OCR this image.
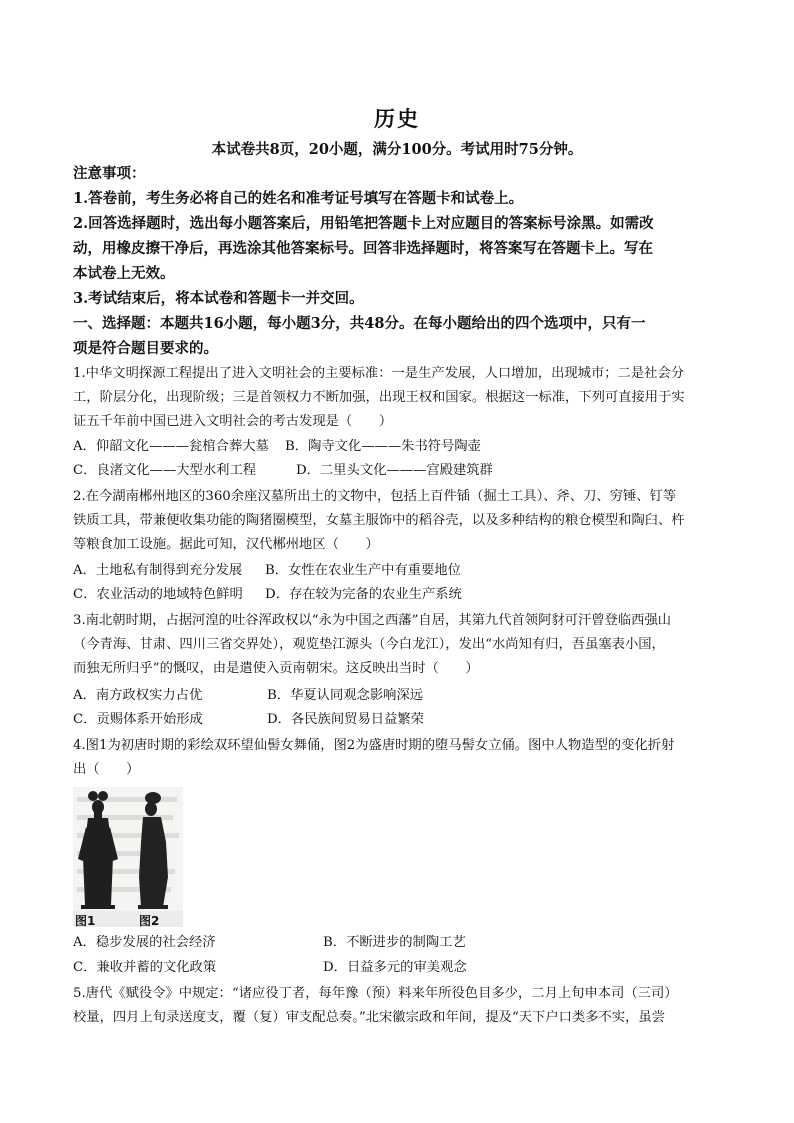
历史
本试卷共8页，20小题，满分100分。考试用时75分钟。
注意事项：
1.答卷前，考生务必将自己的姓名和准考证号填写在答题卡和试卷上。
2.回答选择题时，选出每小题答案后，用铅笔把答题卡上对应题目的答案标号涂黑。如需改
动，用橡皮擦干净后，再选涂其他答案标号。回答非选择题时，将答案写在答题卡上。写在
本试卷上无效。
3.考试结束后，将本试卷和答题卡一并交回。
一、选择题：本题共16小题，每小题3分，共48分。在每小题给出的四个选项中，只有一
项是符合题目要求的。
1.中华文明探源工程提出了进入文明社会的主要标准：一是生产发展，人口增加，出现城市；二是社会分
工，阶层分化，出现阶级；三是首领权力不断加强，出现王权和国家。根据这一标准，下列可直接用于实
证五千年前中国已进入文明社会的考古发现是（　　）
A．仰韶文化———瓮棺合葬大墓 B．陶寺文化———朱书符号陶壶
C．良渚文化——大型水利工程	D．二里头文化———宫殿建筑群
2.在今湖南郴州地区的360余座汉墓所出土的文物中，包括上百件锸（掘土工具）、斧、刀、穷锤、钉等
铁质工具，带兼便收集功能的陶猪圈模型，女墓主服饰中的稻谷壳，以及多种结构的粮仓模型和陶臼、杵
等粮食加工设施。据此可知，汉代郴州地区（　　）
A．土地私有制得到充分发展 B．女性在农业生产中有重要地位
C．农业活动的地域特色鲜明 D．存在较为完备的农业生产系统
3.南北朝时期，占据河湟的吐谷浑政权以“永为中国之西藩”自居，其第九代首领阿豺可汗曾登临西强山
（今青海、甘肃、四川三省交界处），观览垫江源头（今白龙江），发出“水尚知有归，吾虽塞表小国，
而独无所归乎”的慨叹，由是遣使入贡南朝宋。这反映出当时（　　）
A．南方政权实力占优	B．华夏认同观念影响深远
C．贡赐体系开始形成	D．各民族间贸易日益繁荣
4.图1为初唐时期的彩绘双环望仙髻女舞俑，图2为盛唐时期的堕马髻女立俑。图中人物造型的变化折射
出（　　）
图1	图2
A．稳步发展的社会经济	B．不断进步的制陶工艺
C．兼收并蓄的文化政策	D．日益多元的审美观念
5.唐代《赋役令》中规定：“诸应役丁者，每年豫（预）料来年所役色目多少，二月上旬申本司（三司）
校量，四月上旬录送度支，覆（复）审支配总奏。”北宋徽宗政和年间，提及“天下户口类多不实，虽尝
